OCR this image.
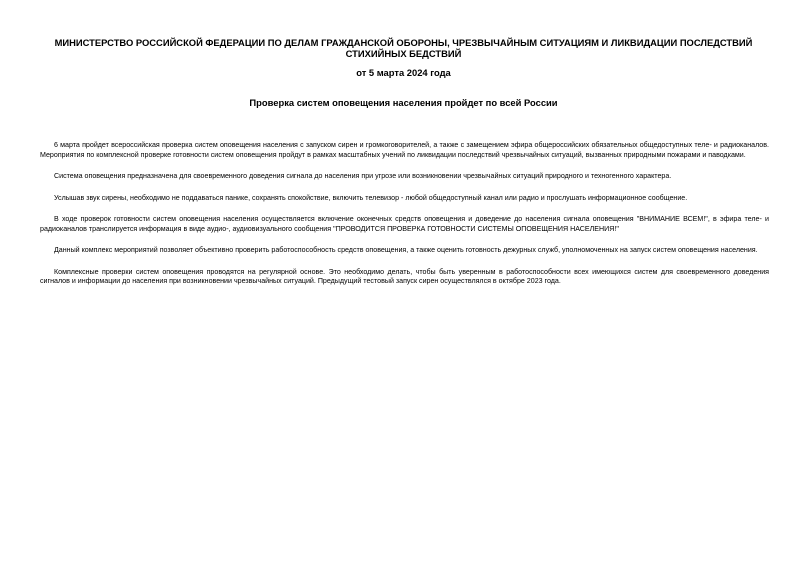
МИНИСТЕРСТВО РОССИЙСКОЙ ФЕДЕРАЦИИ ПО ДЕЛАМ ГРАЖДАНСКОЙ ОБОРОНЫ, ЧРЕЗВЫЧАЙНЫМ СИТУАЦИЯМ И ЛИКВИДАЦИИ ПОСЛЕДСТВИЙ СТИХИЙНЫХ БЕДСТВИЙ
от 5 марта 2024 года
Проверка систем оповещения населения пройдет по всей России

6 марта пройдет всероссийская проверка систем оповещения населения с запуском сирен и громкоговорителей, а также с замещением эфира общероссийских обязательных общедоступных теле- и радиоканалов. Мероприятия по комплексной проверке готовности систем оповещения пройдут в рамках масштабных учений по ликвидации последствий чрезвычайных ситуаций, вызванных природными пожарами и паводками.

Система оповещения предназначена для своевременного доведения сигнала до населения при угрозе или возникновении чрезвычайных ситуаций природного и техногенного характера.

Услышав звук сирены, необходимо не поддаваться панике, сохранять спокойствие, включить телевизор - любой общедоступный канал или радио и прослушать информационное сообщение.

В ходе проверок готовности систем оповещения населения осуществляется включение оконечных средств оповещения и доведение до населения сигнала оповещения "ВНИМАНИЕ ВСЕМ!", в эфира теле- и радиоканалов транслируется информация в виде аудио-, аудиовизуального сообщения "ПРОВОДИТСЯ ПРОВЕРКА ГОТОВНОСТИ СИСТЕМЫ ОПОВЕЩЕНИЯ НАСЕЛЕНИЯ!"

Данный комплекс мероприятий позволяет объективно проверить работоспособность средств оповещения, а также оценить готовность дежурных служб, уполномоченных на запуск систем оповещения населения.

Комплексные проверки систем оповещения проводятся на регулярной основе. Это необходимо делать, чтобы быть уверенным в работоспособности всех имеющихся систем для своевременного доведения сигналов и информации до населения при возникновении чрезвычайных ситуаций. Предыдущий тестовый запуск сирен осуществлялся в октябре 2023 года.
